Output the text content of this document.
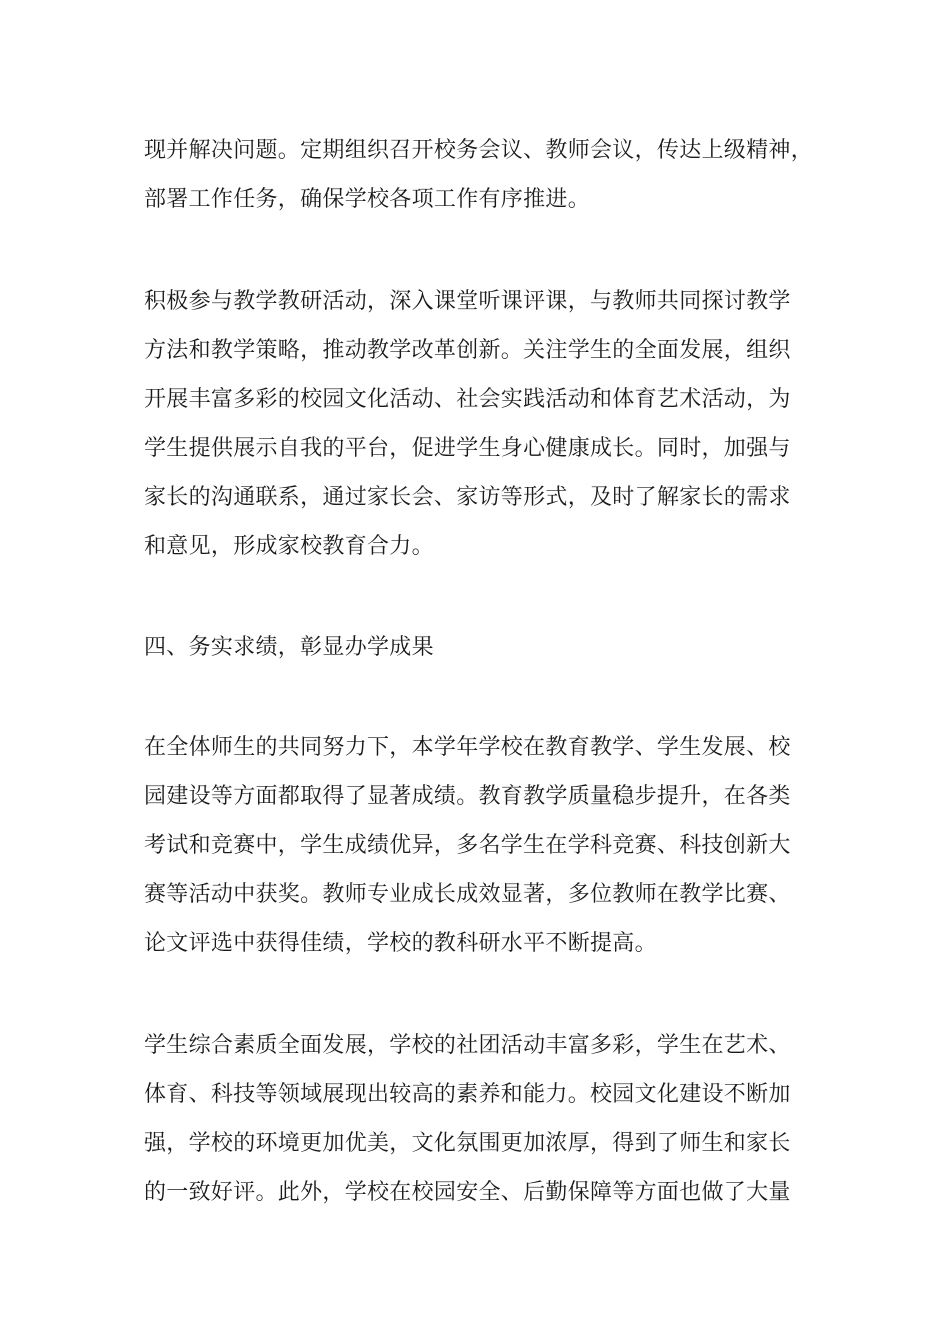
现并解决问题。定期组织召开校务会议、教师会议，传达上级精神，
部署工作任务，确保学校各项工作有序推进。
积极参与教学教研活动，深入课堂听课评课，与教师共同探讨教学
方法和教学策略，推动教学改革创新。关注学生的全面发展，组织
开展丰富多彩的校园文化活动、社会实践活动和体育艺术活动，为
学生提供展示自我的平台，促进学生身心健康成长。同时，加强与
家长的沟通联系，通过家长会、家访等形式，及时了解家长的需求
和意见，形成家校教育合力。
四、务实求绩，彰显办学成果
在全体师生的共同努力下，本学年学校在教育教学、学生发展、校
园建设等方面都取得了显著成绩。教育教学质量稳步提升，在各类
考试和竞赛中，学生成绩优异，多名学生在学科竞赛、科技创新大
赛等活动中获奖。教师专业成长成效显著，多位教师在教学比赛、
论文评选中获得佳绩，学校的教科研水平不断提高。
学生综合素质全面发展，学校的社团活动丰富多彩，学生在艺术、
体育、科技等领域展现出较高的素养和能力。校园文化建设不断加
强，学校的环境更加优美，文化氛围更加浓厚，得到了师生和家长
的一致好评。此外，学校在校园安全、后勤保障等方面也做了大量
